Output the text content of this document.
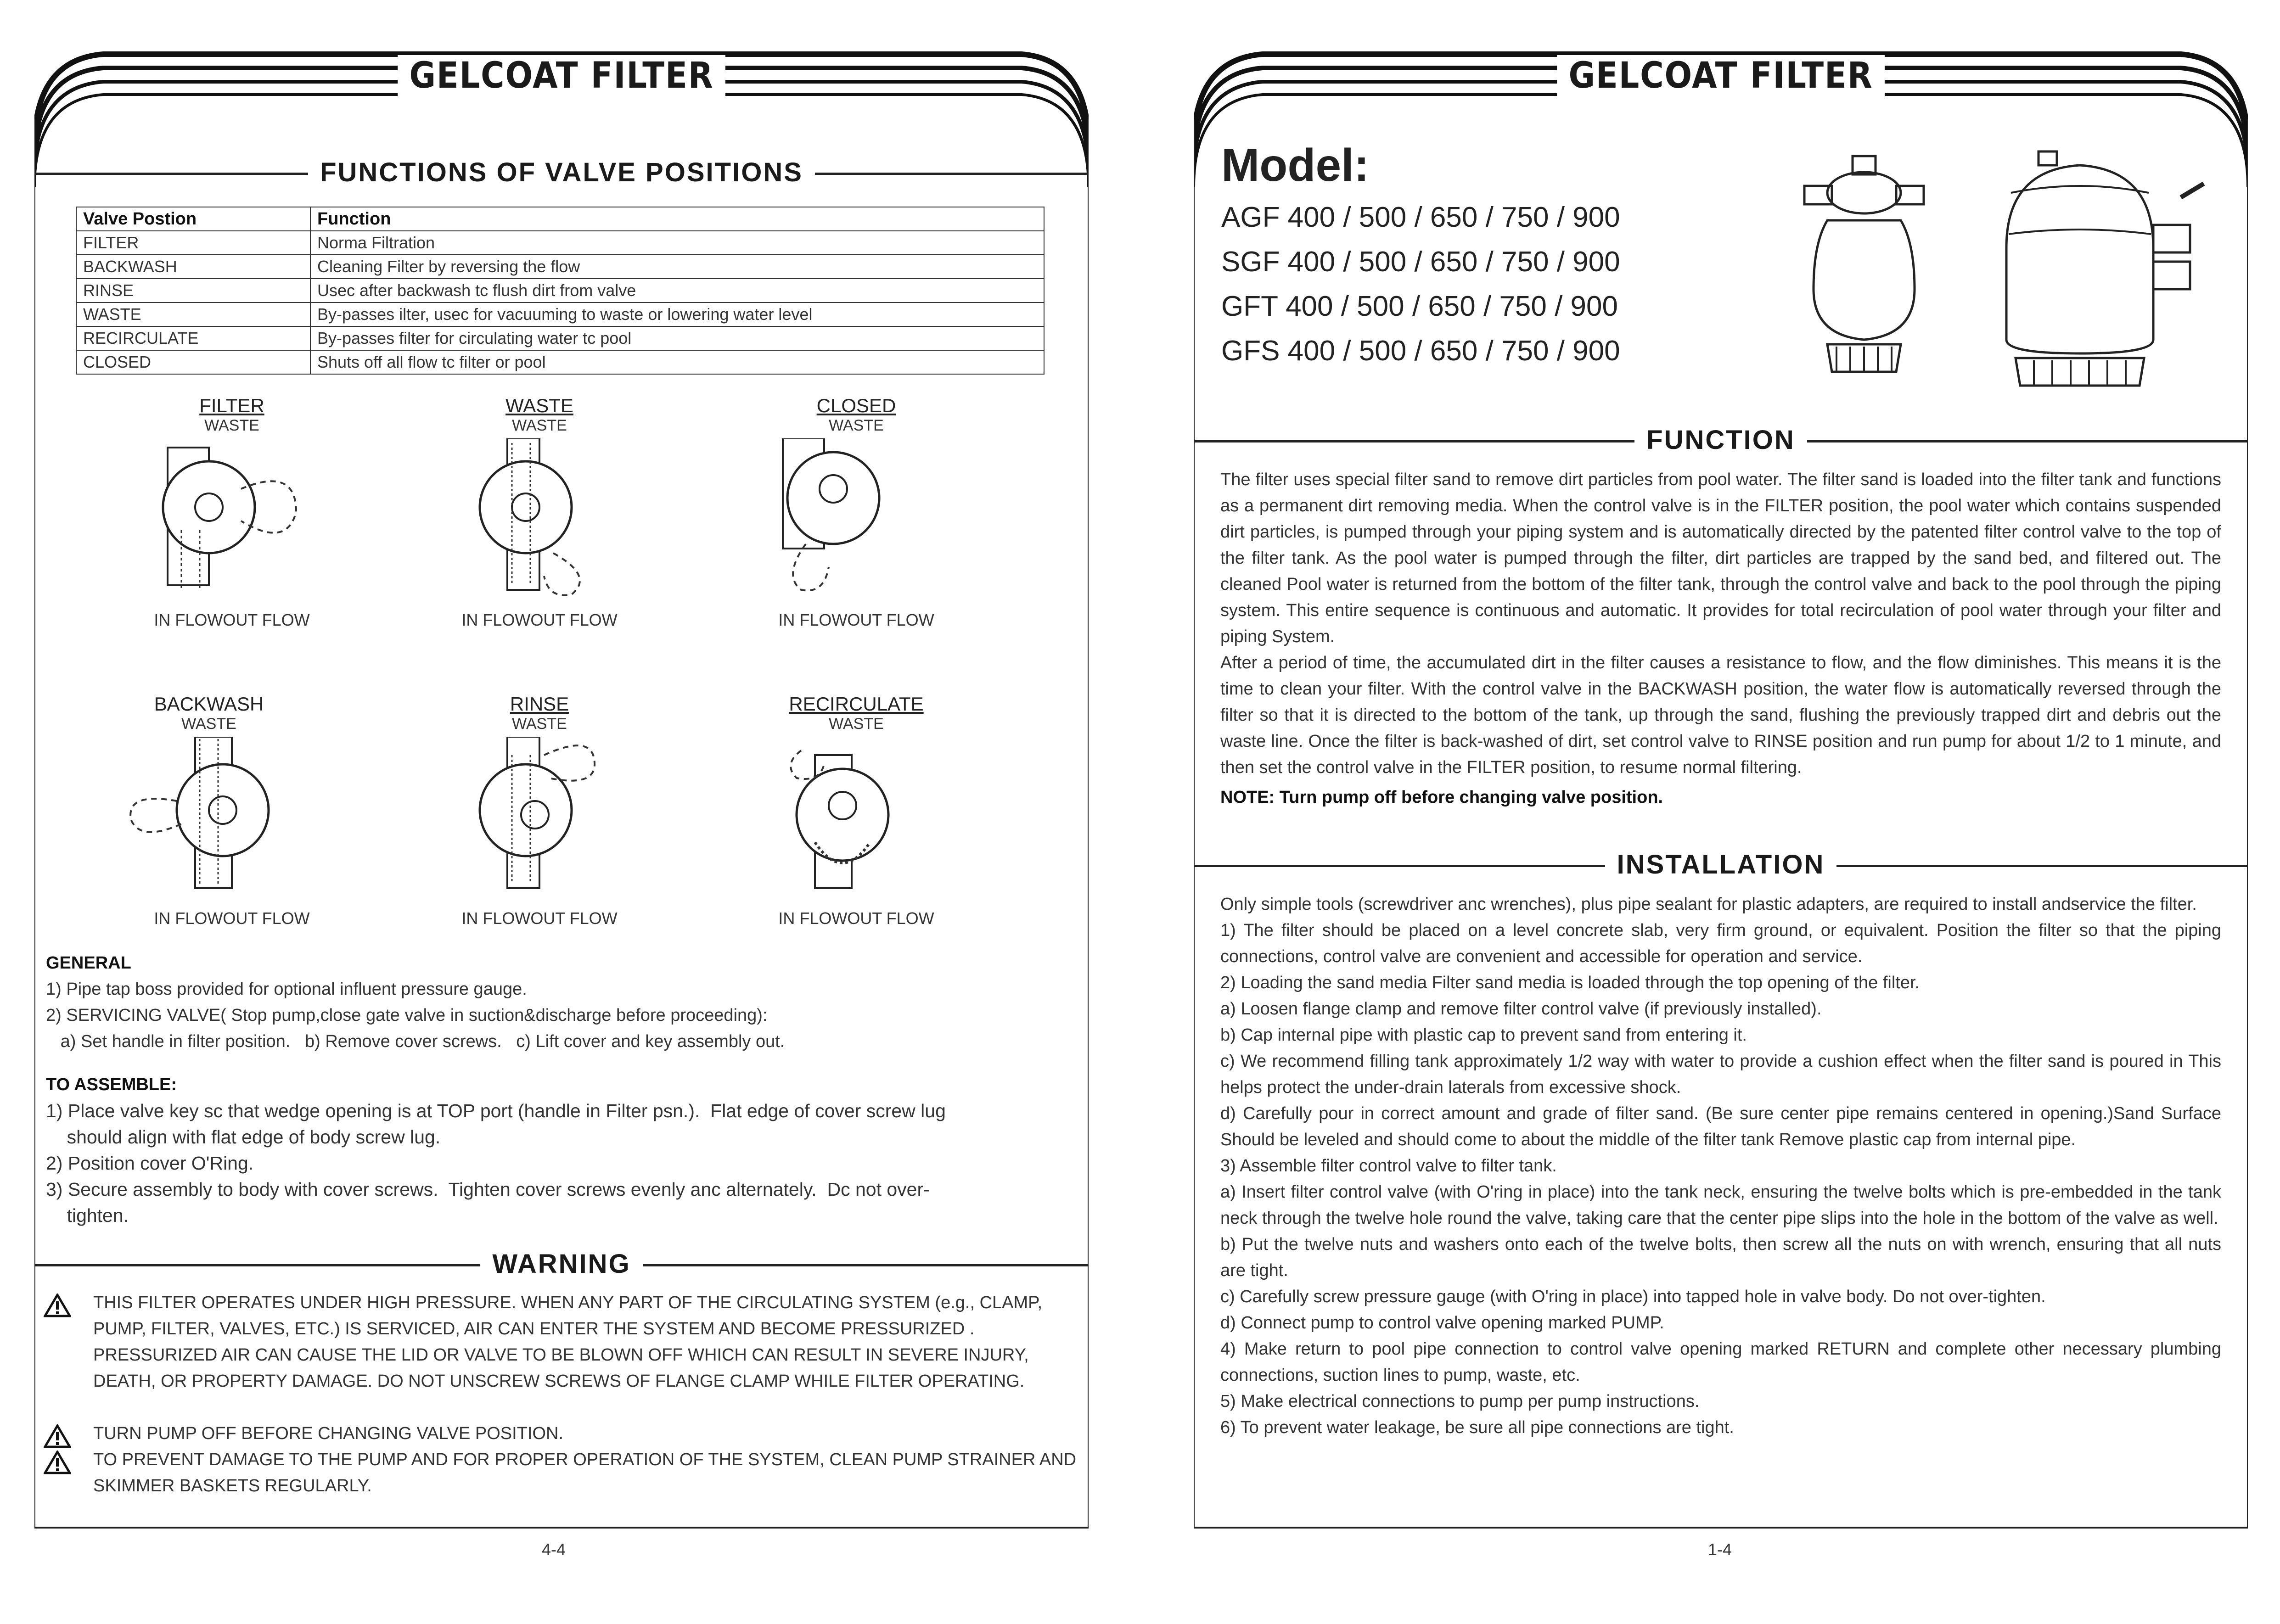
GELCOAT FILTER
FUNCTIONS OF VALVE POSITIONS
Valve Postion	Function
FILTER	Norma Filtration
BACKWASH	Cleaning Filter by reversing the flow
RINSE	Usec after backwash tc flush dirt from valve
WASTE	By-passes ilter, usec for vacuuming to waste or lowering water level
RECIRCULATE	By-passes filter for circulating water tc pool
CLOSED	Shuts off all flow tc filter or pool
FILTER
WASTE
IN FLOWOUT FLOW
WASTE
WASTE
IN FLOWOUT FLOW
CLOSED
WASTE
IN FLOWOUT FLOW
BACKWASH
WASTE
IN FLOWOUT FLOW
RINSE
WASTE
IN FLOWOUT FLOW
RECIRCULATE
WASTE
IN FLOWOUT FLOW

GENERAL

1) Pipe tap boss provided for optional influent pressure gauge.

2) SERVICING VALVE( Stop pump,close gate valve in suction&discharge before proceeding):

a) Set handle in filter position.   b) Remove cover screws.   c) Lift cover and key assembly out.

TO ASSEMBLE:

1) Place valve key sc that wedge opening is at TOP port (handle in Filter psn.).  Flat edge of cover screw lug

should align with flat edge of body screw lug.

2) Position cover O'Ring.

3) Secure assembly to body with cover screws.  Tighten cover screws evenly anc alternately.  Dc not over-

tighten.

WARNING
THIS FILTER OPERATES UNDER HIGH PRESSURE. WHEN ANY PART OF THE CIRCULATING SYSTEM (e.g., CLAMP, PUMP, FILTER, VALVES, ETC.) IS SERVICED, AIR CAN ENTER THE SYSTEM AND BECOME PRESSURIZED . PRESSURIZED AIR CAN CAUSE THE LID OR VALVE TO BE BLOWN OFF WHICH CAN RESULT IN SEVERE INJURY, DEATH, OR PROPERTY DAMAGE. DO NOT UNSCREW SCREWS OF FLANGE CLAMP WHILE FILTER OPERATING.
TURN PUMP OFF BEFORE CHANGING VALVE POSITION.
TO PREVENT DAMAGE TO THE PUMP AND FOR PROPER OPERATION OF THE SYSTEM, CLEAN PUMP STRAINER AND SKIMMER BASKETS REGULARLY.
4-4
GELCOAT FILTER
Model:
AGF 400 / 500 / 650 / 750 / 900
SGF 400 / 500 / 650 / 750 / 900
GFT 400 / 500 / 650 / 750 / 900
GFS 400 / 500 / 650 / 750 / 900
FUNCTION

The filter uses special filter sand to remove dirt particles from pool water. The filter sand is loaded into the filter tank and functions as a permanent dirt removing media. When the control valve is in the FILTER position, the pool water which contains suspended dirt particles, is pumped through your piping system and is automatically directed by the patented filter control valve to the top of the filter tank. As the pool water is pumped through the filter, dirt particles are trapped by the sand bed, and filtered out. The cleaned Pool water is returned from the bottom of the filter tank, through the control valve and back to the pool through the piping system. This entire sequence is continuous and automatic. It provides for total recirculation of pool water through your filter and piping System.

After a period of time, the accumulated dirt in the filter causes a resistance to flow, and the flow diminishes. This means it is the time to clean your filter. With the control valve in the BACKWASH position, the water flow is automatically reversed through the filter so that it is directed to the bottom of the tank, up through the sand, flushing the previously trapped dirt and debris out the waste line. Once the filter is back-washed of dirt, set control valve to RINSE position and run pump for about 1/2 to 1 minute, and then set the control valve in the FILTER position, to resume normal filtering.

NOTE: Turn pump off before changing valve position.

INSTALLATION

Only simple tools (screwdriver anc wrenches), plus pipe sealant for plastic adapters, are required to install andservice the filter.

1) The filter should be placed on a level concrete slab, very firm ground, or equivalent. Position the filter so that the piping connections, control valve are convenient and accessible for operation and service.

2) Loading the sand media Filter sand media is loaded through the top opening of the filter.

a) Loosen flange clamp and remove filter control valve (if previously installed).

b) Cap internal pipe with plastic cap to prevent sand from entering it.

c) We recommend filling tank approximately 1/2 way with water to provide a cushion effect when the filter sand is poured in This helps protect the under-drain laterals from excessive shock.

d) Carefully pour in correct amount and grade of filter sand. (Be sure center pipe remains centered in opening.)Sand Surface Should be leveled and should come to about the middle of the filter tank Remove plastic cap from internal pipe.

3) Assemble filter control valve to filter tank.

a) Insert filter control valve (with O'ring in place) into the tank neck, ensuring the twelve bolts which is pre-embedded in the tank neck through the twelve hole round the valve, taking care that the center pipe slips into the hole in the bottom of the valve as well.

b) Put the twelve nuts and washers onto each of the twelve bolts, then screw all the nuts on with wrench, ensuring that all nuts are tight.

c) Carefully screw pressure gauge (with O'ring in place) into tapped hole in valve body. Do not over-tighten.

d) Connect pump to control valve opening marked PUMP.

4) Make return to pool pipe connection to control valve opening marked RETURN and complete other necessary plumbing connections, suction lines to pump, waste, etc.

5) Make electrical connections to pump per pump instructions.

6) To prevent water leakage, be sure all pipe connections are tight.

1-4
